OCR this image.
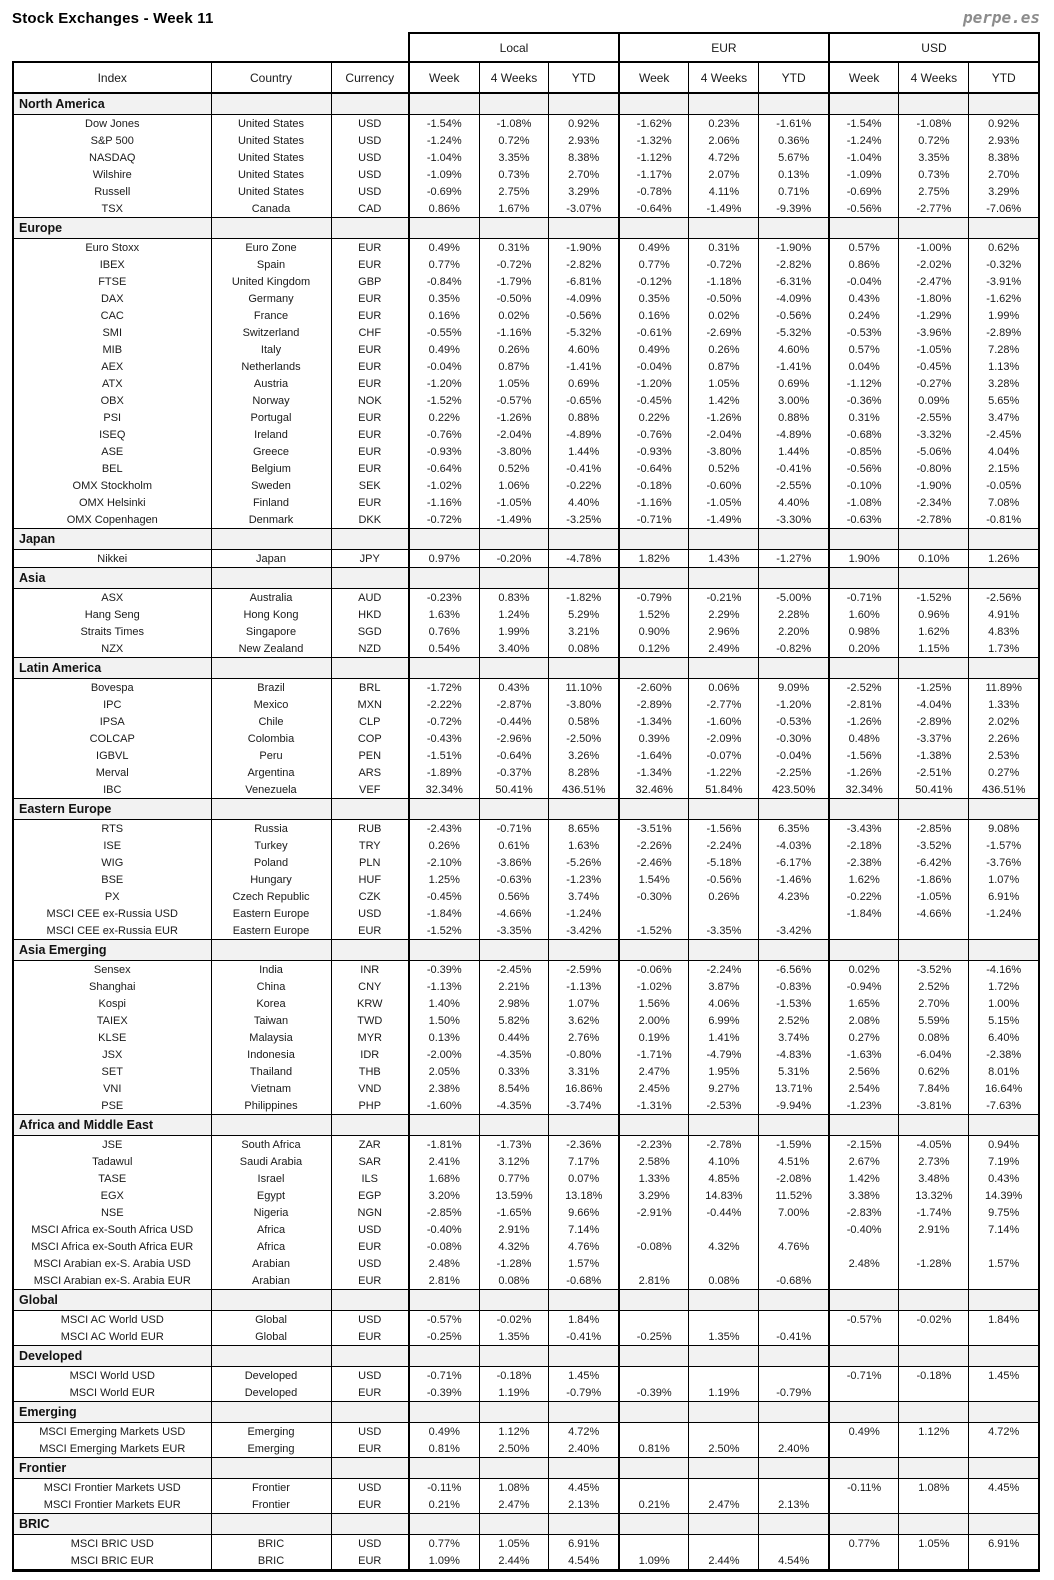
Stock Exchanges - Week 11	perpe.es
			Local			EUR			USD		
Index	Country	Currency	Week	4 Weeks	YTD	Week	4 Weeks	YTD	Week	4 Weeks	YTD
North America											
Dow Jones	United States	USD	-1.54%	-1.08%	0.92%	-1.62%	0.23%	-1.61%	-1.54%	-1.08%	0.92%
S&P 500	United States	USD	-1.24%	0.72%	2.93%	-1.32%	2.06%	0.36%	-1.24%	0.72%	2.93%
NASDAQ	United States	USD	-1.04%	3.35%	8.38%	-1.12%	4.72%	5.67%	-1.04%	3.35%	8.38%
Wilshire	United States	USD	-1.09%	0.73%	2.70%	-1.17%	2.07%	0.13%	-1.09%	0.73%	2.70%
Russell	United States	USD	-0.69%	2.75%	3.29%	-0.78%	4.11%	0.71%	-0.69%	2.75%	3.29%
TSX	Canada	CAD	0.86%	1.67%	-3.07%	-0.64%	-1.49%	-9.39%	-0.56%	-2.77%	-7.06%
Europe											
Euro Stoxx	Euro Zone	EUR	0.49%	0.31%	-1.90%	0.49%	0.31%	-1.90%	0.57%	-1.00%	0.62%
IBEX	Spain	EUR	0.77%	-0.72%	-2.82%	0.77%	-0.72%	-2.82%	0.86%	-2.02%	-0.32%
FTSE	United Kingdom	GBP	-0.84%	-1.79%	-6.81%	-0.12%	-1.18%	-6.31%	-0.04%	-2.47%	-3.91%
DAX	Germany	EUR	0.35%	-0.50%	-4.09%	0.35%	-0.50%	-4.09%	0.43%	-1.80%	-1.62%
CAC	France	EUR	0.16%	0.02%	-0.56%	0.16%	0.02%	-0.56%	0.24%	-1.29%	1.99%
SMI	Switzerland	CHF	-0.55%	-1.16%	-5.32%	-0.61%	-2.69%	-5.32%	-0.53%	-3.96%	-2.89%
MIB	Italy	EUR	0.49%	0.26%	4.60%	0.49%	0.26%	4.60%	0.57%	-1.05%	7.28%
AEX	Netherlands	EUR	-0.04%	0.87%	-1.41%	-0.04%	0.87%	-1.41%	0.04%	-0.45%	1.13%
ATX	Austria	EUR	-1.20%	1.05%	0.69%	-1.20%	1.05%	0.69%	-1.12%	-0.27%	3.28%
OBX	Norway	NOK	-1.52%	-0.57%	-0.65%	-0.45%	1.42%	3.00%	-0.36%	0.09%	5.65%
PSI	Portugal	EUR	0.22%	-1.26%	0.88%	0.22%	-1.26%	0.88%	0.31%	-2.55%	3.47%
ISEQ	Ireland	EUR	-0.76%	-2.04%	-4.89%	-0.76%	-2.04%	-4.89%	-0.68%	-3.32%	-2.45%
ASE	Greece	EUR	-0.93%	-3.80%	1.44%	-0.93%	-3.80%	1.44%	-0.85%	-5.06%	4.04%
BEL	Belgium	EUR	-0.64%	0.52%	-0.41%	-0.64%	0.52%	-0.41%	-0.56%	-0.80%	2.15%
OMX Stockholm	Sweden	SEK	-1.02%	1.06%	-0.22%	-0.18%	-0.60%	-2.55%	-0.10%	-1.90%	-0.05%
OMX Helsinki	Finland	EUR	-1.16%	-1.05%	4.40%	-1.16%	-1.05%	4.40%	-1.08%	-2.34%	7.08%
OMX Copenhagen	Denmark	DKK	-0.72%	-1.49%	-3.25%	-0.71%	-1.49%	-3.30%	-0.63%	-2.78%	-0.81%
Japan											
Nikkei	Japan	JPY	0.97%	-0.20%	-4.78%	1.82%	1.43%	-1.27%	1.90%	0.10%	1.26%
Asia											
ASX	Australia	AUD	-0.23%	0.83%	-1.82%	-0.79%	-0.21%	-5.00%	-0.71%	-1.52%	-2.56%
Hang Seng	Hong Kong	HKD	1.63%	1.24%	5.29%	1.52%	2.29%	2.28%	1.60%	0.96%	4.91%
Straits Times	Singapore	SGD	0.76%	1.99%	3.21%	0.90%	2.96%	2.20%	0.98%	1.62%	4.83%
NZX	New Zealand	NZD	0.54%	3.40%	0.08%	0.12%	2.49%	-0.82%	0.20%	1.15%	1.73%
Latin America											
Bovespa	Brazil	BRL	-1.72%	0.43%	11.10%	-2.60%	0.06%	9.09%	-2.52%	-1.25%	11.89%
IPC	Mexico	MXN	-2.22%	-2.87%	-3.80%	-2.89%	-2.77%	-1.20%	-2.81%	-4.04%	1.33%
IPSA	Chile	CLP	-0.72%	-0.44%	0.58%	-1.34%	-1.60%	-0.53%	-1.26%	-2.89%	2.02%
COLCAP	Colombia	COP	-0.43%	-2.96%	-2.50%	0.39%	-2.09%	-0.30%	0.48%	-3.37%	2.26%
IGBVL	Peru	PEN	-1.51%	-0.64%	3.26%	-1.64%	-0.07%	-0.04%	-1.56%	-1.38%	2.53%
Merval	Argentina	ARS	-1.89%	-0.37%	8.28%	-1.34%	-1.22%	-2.25%	-1.26%	-2.51%	0.27%
IBC	Venezuela	VEF	32.34%	50.41%	436.51%	32.46%	51.84%	423.50%	32.34%	50.41%	436.51%
Eastern Europe											
RTS	Russia	RUB	-2.43%	-0.71%	8.65%	-3.51%	-1.56%	6.35%	-3.43%	-2.85%	9.08%
ISE	Turkey	TRY	0.26%	0.61%	1.63%	-2.26%	-2.24%	-4.03%	-2.18%	-3.52%	-1.57%
WIG	Poland	PLN	-2.10%	-3.86%	-5.26%	-2.46%	-5.18%	-6.17%	-2.38%	-6.42%	-3.76%
BSE	Hungary	HUF	1.25%	-0.63%	-1.23%	1.54%	-0.56%	-1.46%	1.62%	-1.86%	1.07%
PX	Czech Republic	CZK	-0.45%	0.56%	3.74%	-0.30%	0.26%	4.23%	-0.22%	-1.05%	6.91%
MSCI CEE ex-Russia USD	Eastern Europe	USD	-1.84%	-4.66%	-1.24%				-1.84%	-4.66%	-1.24%
MSCI CEE ex-Russia EUR	Eastern Europe	EUR	-1.52%	-3.35%	-3.42%	-1.52%	-3.35%	-3.42%			
Asia Emerging											
Sensex	India	INR	-0.39%	-2.45%	-2.59%	-0.06%	-2.24%	-6.56%	0.02%	-3.52%	-4.16%
Shanghai	China	CNY	-1.13%	2.21%	-1.13%	-1.02%	3.87%	-0.83%	-0.94%	2.52%	1.72%
Kospi	Korea	KRW	1.40%	2.98%	1.07%	1.56%	4.06%	-1.53%	1.65%	2.70%	1.00%
TAIEX	Taiwan	TWD	1.50%	5.82%	3.62%	2.00%	6.99%	2.52%	2.08%	5.59%	5.15%
KLSE	Malaysia	MYR	0.13%	0.44%	2.76%	0.19%	1.41%	3.74%	0.27%	0.08%	6.40%
JSX	Indonesia	IDR	-2.00%	-4.35%	-0.80%	-1.71%	-4.79%	-4.83%	-1.63%	-6.04%	-2.38%
SET	Thailand	THB	2.05%	0.33%	3.31%	2.47%	1.95%	5.31%	2.56%	0.62%	8.01%
VNI	Vietnam	VND	2.38%	8.54%	16.86%	2.45%	9.27%	13.71%	2.54%	7.84%	16.64%
PSE	Philippines	PHP	-1.60%	-4.35%	-3.74%	-1.31%	-2.53%	-9.94%	-1.23%	-3.81%	-7.63%
Africa and Middle East											
JSE	South Africa	ZAR	-1.81%	-1.73%	-2.36%	-2.23%	-2.78%	-1.59%	-2.15%	-4.05%	0.94%
Tadawul	Saudi Arabia	SAR	2.41%	3.12%	7.17%	2.58%	4.10%	4.51%	2.67%	2.73%	7.19%
TASE	Israel	ILS	1.68%	0.77%	0.07%	1.33%	4.85%	-2.08%	1.42%	3.48%	0.43%
EGX	Egypt	EGP	3.20%	13.59%	13.18%	3.29%	14.83%	11.52%	3.38%	13.32%	14.39%
NSE	Nigeria	NGN	-2.85%	-1.65%	9.66%	-2.91%	-0.44%	7.00%	-2.83%	-1.74%	9.75%
MSCI Africa ex-South Africa USD	Africa	USD	-0.40%	2.91%	7.14%				-0.40%	2.91%	7.14%
MSCI Africa ex-South Africa EUR	Africa	EUR	-0.08%	4.32%	4.76%	-0.08%	4.32%	4.76%			
MSCI Arabian ex-S. Arabia USD	Arabian	USD	2.48%	-1.28%	1.57%				2.48%	-1.28%	1.57%
MSCI Arabian ex-S. Arabia EUR	Arabian	EUR	2.81%	0.08%	-0.68%	2.81%	0.08%	-0.68%			
Global											
MSCI AC World USD	Global	USD	-0.57%	-0.02%	1.84%				-0.57%	-0.02%	1.84%
MSCI AC World EUR	Global	EUR	-0.25%	1.35%	-0.41%	-0.25%	1.35%	-0.41%			
Developed											
MSCI World USD	Developed	USD	-0.71%	-0.18%	1.45%				-0.71%	-0.18%	1.45%
MSCI World EUR	Developed	EUR	-0.39%	1.19%	-0.79%	-0.39%	1.19%	-0.79%			
Emerging											
MSCI Emerging Markets USD	Emerging	USD	0.49%	1.12%	4.72%				0.49%	1.12%	4.72%
MSCI Emerging Markets EUR	Emerging	EUR	0.81%	2.50%	2.40%	0.81%	2.50%	2.40%			
Frontier											
MSCI Frontier Markets USD	Frontier	USD	-0.11%	1.08%	4.45%				-0.11%	1.08%	4.45%
MSCI Frontier Markets EUR	Frontier	EUR	0.21%	2.47%	2.13%	0.21%	2.47%	2.13%			
BRIC											
MSCI BRIC USD	BRIC	USD	0.77%	1.05%	6.91%				0.77%	1.05%	6.91%
MSCI BRIC EUR	BRIC	EUR	1.09%	2.44%	4.54%	1.09%	2.44%	4.54%			
